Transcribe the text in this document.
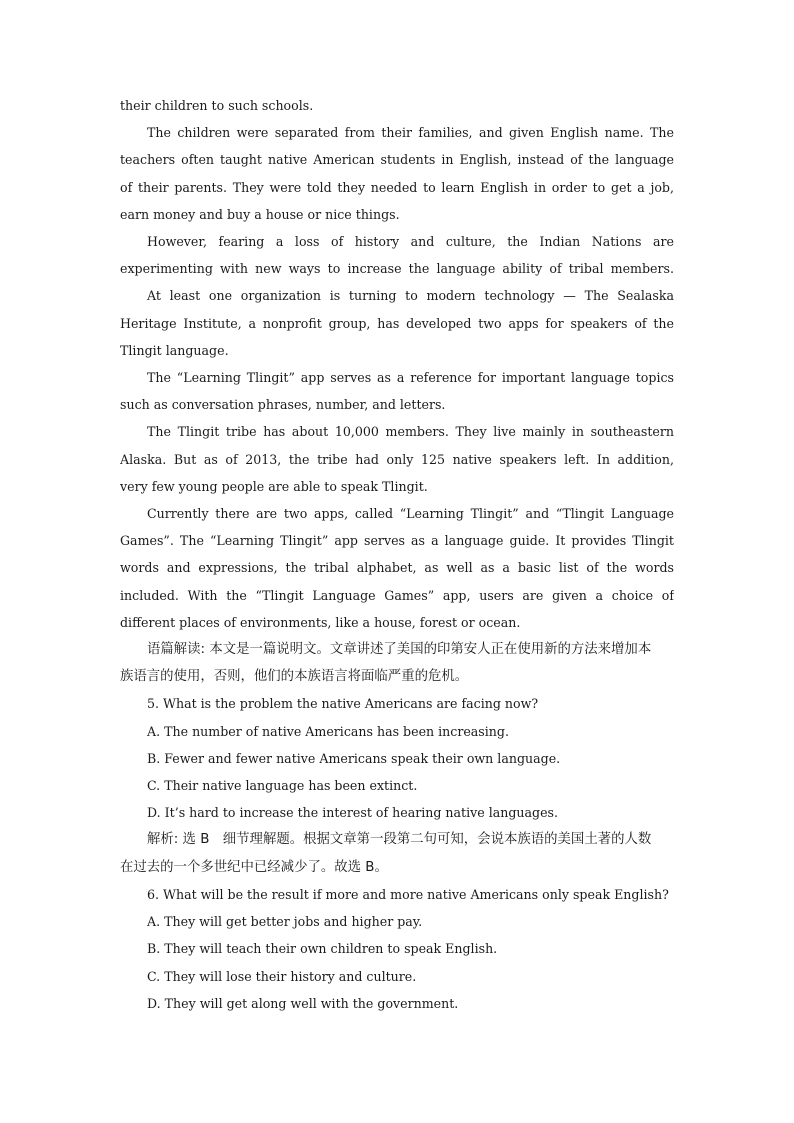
their children to such schools.
The children were separated from their families, and given English name. The
teachers often taught native American students in English, instead of the language
of their parents. They were told they needed to learn English in order to get a job,
earn money and buy a house or nice things.
However, fearing a loss of history and culture, the Indian Nations are
experimenting with new ways to increase the language ability of tribal members.
At least one organization is turning to modern technology — The Sealaska
Heritage Institute, a nonprofit group, has developed two apps for speakers of the
Tlingit language.
The “Learning Tlingit” app serves as a reference for important language topics
such as conversation phrases, number, and letters.
The Tlingit tribe has about 10,000 members. They live mainly in southeastern
Alaska. But as of 2013, the tribe had only 125 native speakers left. In addition,
very few young people are able to speak Tlingit.
Currently there are two apps, called “Learning Tlingit” and “Tlingit Language
Games”. The “Learning Tlingit” app serves as a language guide. It provides Tlingit
words and expressions, the tribal alphabet, as well as a basic list of the words
included. With the “Tlingit Language Games” app, users are given a choice of
different places of environments, like a house, forest or ocean.
语篇解读: 本文是一篇说明文。文章讲述了美国的印第安人正在使用新的方法来增加本
族语言的使用，否则，他们的本族语言将面临严重的危机。
5. What is the problem the native Americans are facing now?
A. The number of native Americans has been increasing.
B. Fewer and fewer native Americans speak their own language.
C. Their native language has been extinct.
D. It’s hard to increase the interest of hearing native languages.
解析: 选 B　细节理解题。根据文章第一段第二句可知，会说本族语的美国土著的人数
在过去的一个多世纪中已经减少了。故选 B。
6. What will be the result if more and more native Americans only speak English?
A. They will get better jobs and higher pay.
B. They will teach their own children to speak English.
C. They will lose their history and culture.
D. They will get along well with the government.
